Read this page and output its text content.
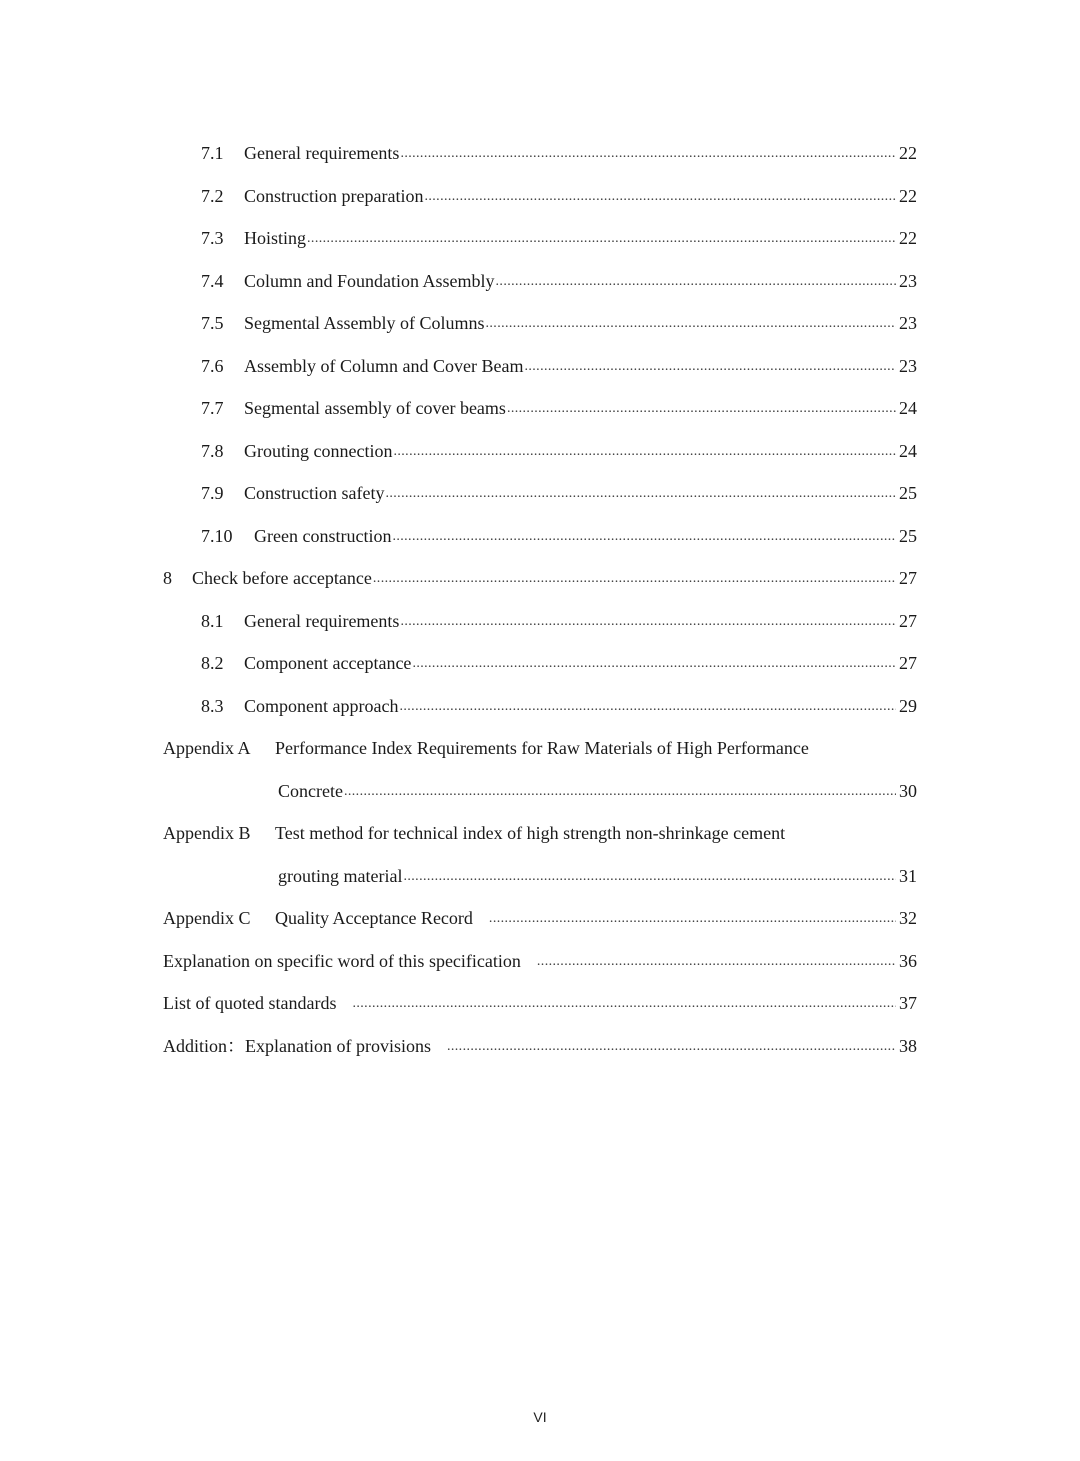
7.1	General requirements .....	22
7.2	Construction preparation .....	22
7.3	Hoisting .....	22
7.4	Column and Foundation Assembly .....	23
7.5	Segmental Assembly of Columns .....	23
7.6	Assembly of Column and Cover Beam .....	23
7.7	Segmental assembly of cover beams .....	24
7.8	Grouting connection .....	24
7.9	Construction safety .....	25
7.10	Green construction .....	25
8	Check before acceptance .....	27
8.1	General requirements .....	27
8.2	Component acceptance .....	27
8.3	Component approach .....	29
Appendix A	Performance Index Requirements for Raw Materials of High Performance
Concrete .....	30
Appendix B	Test method for technical index of high strength non-shrinkage cement
grouting material .....	31
Appendix C	Quality Acceptance Record .....	32
Explanation on specific word of this specification .....	36
List of quoted standards .....	37
Addition：Explanation of provisions .....	38
VI
